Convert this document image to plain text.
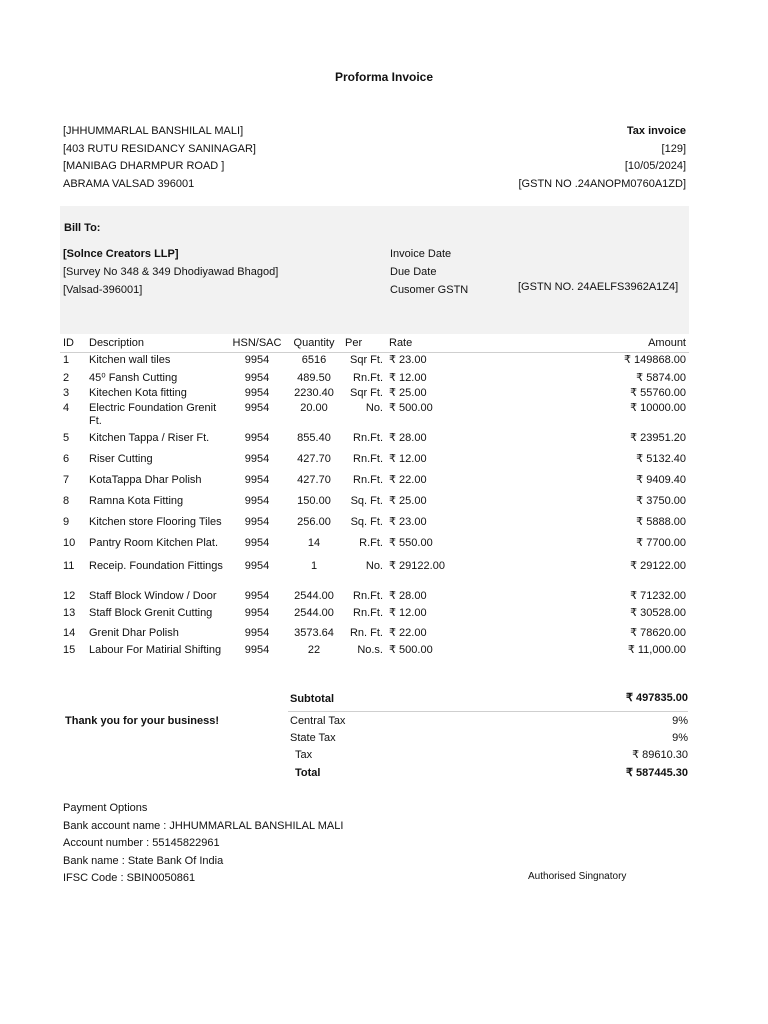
Proforma Invoice
[JHHUMMARLAL BANSHILAL MALI]
[403 RUTU RESIDANCY SANINAGAR]
[MANIBAG DHARMPUR ROAD ]
ABRAMA VALSAD 396001
Tax invoice
[129]
[10/05/2024]
[GSTN NO .24ANOPM0760A1ZD]
Bill To:
[Solnce Creators LLP]
[Survey No 348 & 349 Dhodiyawad Bhagod]
[Valsad-396001]
Invoice Date
Due Date
Cusomer GSTN	[GSTN NO. 24AELFS3962A1Z4]
ID	Description	HSN/SAC	Quantity	Per	Rate	Amount
1	Kitchen wall tiles	9954	6516	Sqr Ft.	₹ 23.00	₹ 149868.00
2	45⁰ Fansh Cutting	9954	489.50	Rn.Ft.	₹ 12.00	₹ 5874.00
3	Kitechen Kota fitting	9954	2230.40	Sqr Ft.	₹ 25.00	₹ 55760.00
4	Electric Foundation Grenit Ft.	9954	20.00	No.	₹ 500.00	₹ 10000.00
5	Kitchen Tappa / Riser Ft.	9954	855.40	Rn.Ft.	₹ 28.00	₹ 23951.20
6	Riser Cutting	9954	427.70	Rn.Ft.	₹ 12.00	₹ 5132.40
7	KotaTappa Dhar Polish	9954	427.70	Rn.Ft.	₹ 22.00	₹ 9409.40
8	Ramna Kota Fitting	9954	150.00	Sq. Ft.	₹ 25.00	₹ 3750.00
9	Kitchen store Flooring Tiles	9954	256.00	Sq. Ft.	₹ 23.00	₹ 5888.00
10	Pantry Room Kitchen Plat.	9954	14	R.Ft.	₹ 550.00	₹ 7700.00
11	Receip. Foundation Fittings	9954	1	No.	₹ 29122.00	₹ 29122.00
12	Staff Block Window / Door	9954	2544.00	Rn.Ft.	₹ 28.00	₹ 71232.00
13	Staff Block Grenit Cutting	9954	2544.00	Rn.Ft.	₹ 12.00	₹ 30528.00
14	Grenit Dhar Polish	9954	3573.64	Rn. Ft.	₹ 22.00	₹ 78620.00
15	Labour For Matirial Shifting	9954	22	No.s.	₹ 500.00	₹ 11,000.00
Thank you for your business!
Subtotal	₹ 497835.00
Central Tax	9%
State Tax	9%
Tax	₹ 89610.30
Total	₹ 587445.30
Payment Options
Bank account name : JHHUMMARLAL BANSHILAL MALI
Account number : 55145822961
Bank name : State Bank Of India
IFSC Code : SBIN0050861	Authorised Singnatory
